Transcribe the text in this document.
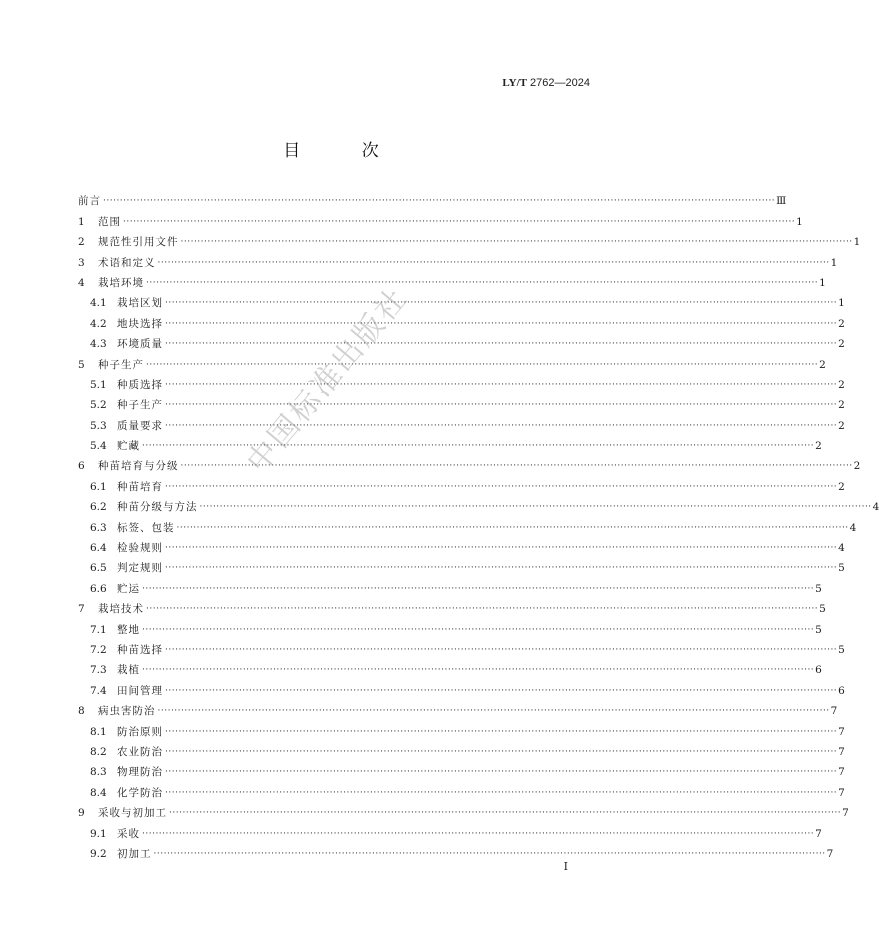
LY/T 2762—2024
目 次
前言 ········································································································································································································ Ⅲ
1	范围 ········································································································································································································ 1
2	规范性引用文件 ········································································································································································································ 1
3	术语和定义 ········································································································································································································ 1
4	栽培环境 ········································································································································································································ 1
4.1 栽培区划 ········································································································································································································ 1
4.2 地块选择 ········································································································································································································ 2
4.3 环境质量 ········································································································································································································ 2
5	种子生产 ········································································································································································································ 2
5.1 种质选择 ········································································································································································································ 2
5.2 种子生产 ········································································································································································································ 2
5.3 质量要求 ········································································································································································································ 2
5.4 贮藏 ········································································································································································································ 2
6	种苗培育与分级 ········································································································································································································ 2
6.1 种苗培育 ········································································································································································································ 2
6.2 种苗分级与方法 ········································································································································································································ 4
6.3 标签、包装 ········································································································································································································ 4
6.4 检验规则 ········································································································································································································ 4
6.5 判定规则 ········································································································································································································ 5
6.6 贮运 ········································································································································································································ 5
7	栽培技术 ········································································································································································································ 5
7.1 整地 ········································································································································································································ 5
7.2 种苗选择 ········································································································································································································ 5
7.3 栽植 ········································································································································································································ 6
7.4 田间管理 ········································································································································································································ 6
8	病虫害防治 ········································································································································································································ 7
8.1 防治原则 ········································································································································································································ 7
8.2 农业防治 ········································································································································································································ 7
8.3 物理防治 ········································································································································································································ 7
8.4 化学防治 ········································································································································································································ 7
9	采收与初加工 ········································································································································································································ 7
9.1 采收 ········································································································································································································ 7
9.2 初加工 ········································································································································································································ 7
中国标准出版社
I
